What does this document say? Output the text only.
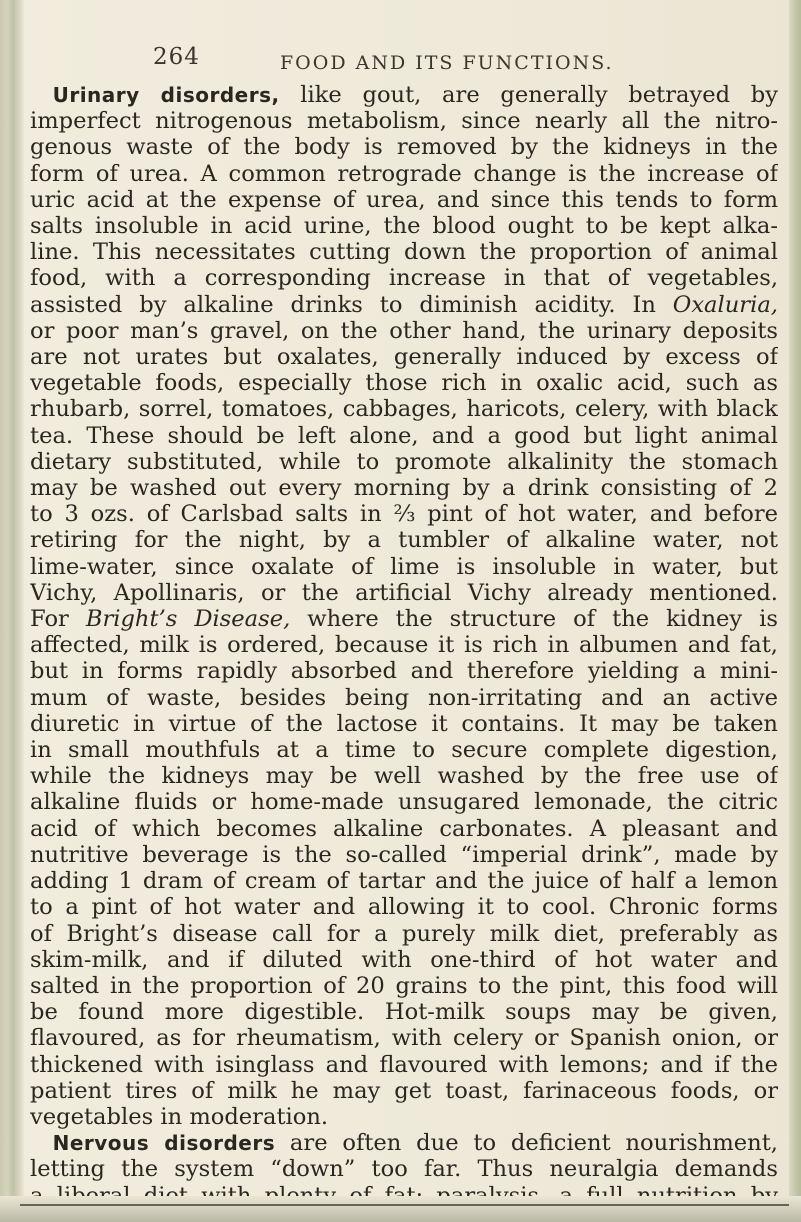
264	FOOD AND ITS FUNCTIONS.
 Urinary disorders, like gout, are generally betrayed by
imperfect nitrogenous metabolism, since nearly all the nitro-
genous waste of the body is removed by the kidneys in the
form of urea. A common retrograde change is the increase of
uric acid at the expense of urea, and since this tends to form
salts insoluble in acid urine, the blood ought to be kept alka-
line. This necessitates cutting down the proportion of animal
food, with a corresponding increase in that of vegetables,
assisted by alkaline drinks to diminish acidity. In Oxaluria,
or poor man’s gravel, on the other hand, the urinary deposits
are not urates but oxalates, generally induced by excess of
vegetable foods, especially those rich in oxalic acid, such as
rhubarb, sorrel, tomatoes, cabbages, haricots, celery, with black
tea. These should be left alone, and a good but light animal
dietary substituted, while to promote alkalinity the stomach
may be washed out every morning by a drink consisting of 2
to 3 ozs. of Carlsbad salts in ⅔ pint of hot water, and before
retiring for the night, by a tumbler of alkaline water, not
lime-water, since oxalate of lime is insoluble in water, but
Vichy, Apollinaris, or the artificial Vichy already mentioned.
For Bright’s Disease, where the structure of the kidney is
affected, milk is ordered, because it is rich in albumen and fat,
but in forms rapidly absorbed and therefore yielding a mini-
mum of waste, besides being non-irritating and an active
diuretic in virtue of the lactose it contains. It may be taken
in small mouthfuls at a time to secure complete digestion,
while the kidneys may be well washed by the free use of
alkaline fluids or home-made unsugared lemonade, the citric
acid of which becomes alkaline carbonates. A pleasant and
nutritive beverage is the so-called “imperial drink”, made by
adding 1 dram of cream of tartar and the juice of half a lemon
to a pint of hot water and allowing it to cool. Chronic forms
of Bright’s disease call for a purely milk diet, preferably as
skim-milk, and if diluted with one-third of hot water and
salted in the proportion of 20 grains to the pint, this food will
be found more digestible. Hot-milk soups may be given,
flavoured, as for rheumatism, with celery or Spanish onion, or
thickened with isinglass and flavoured with lemons; and if the
patient tires of milk he may get toast, farinaceous foods, or
vegetables in moderation.
 Nervous disorders are often due to deficient nourishment,
letting the system “down” too far. Thus neuralgia demands
